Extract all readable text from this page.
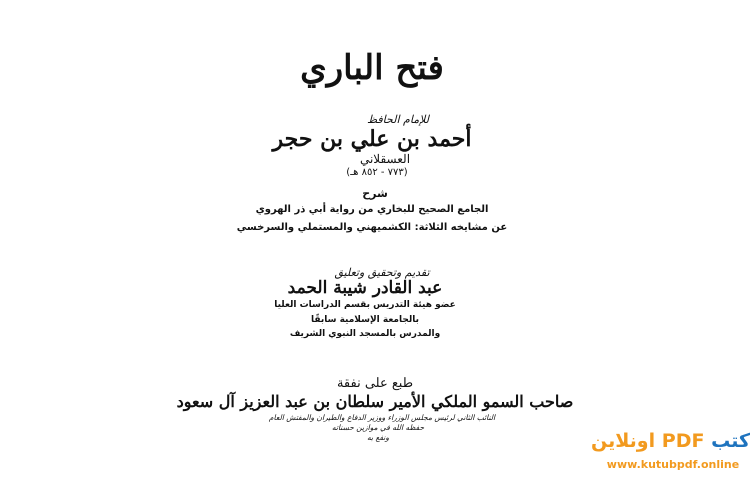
فتح الباري
للإمام الحافظ
أحمد بن علي بن حجر
العسقلاني
(٧٧٣ - ٨٥٢ هـ)
شرح
الجامع الصحيح للبخاري من رواية أبي ذر الهروي
عن مشايخه الثلاثة: الكشميهني والمستملي والسرخسي
تقديم وتحقيق وتعليق
عبد القادر شيبة الحمد
عضو هيئة التدريس بقسم الدراسات العليا
بالجامعة الإسلامية سابقًا
والمدرس بالمسجد النبوي الشريف
طبع على نفقة
صاحب السمو الملكي الأمير سلطان بن عبد العزيز آل سعود
النائب الثاني لرئيس مجلس الوزراء ووزير الدفاع والطيران والمفتش العام
حفظه الله في موازين حسناته
ونفع به	كتب PDF اونلاين
www.kutubpdf.online
